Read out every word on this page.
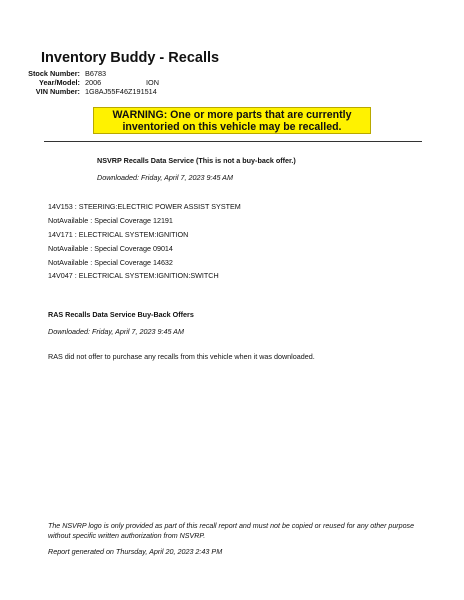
Inventory Buddy - Recalls
Stock Number: B6783
Year/Model: 2006	ION
VIN Number: 1G8AJ55F46Z191514
WARNING: One or more parts that are currently
inventoried on this vehicle may be recalled.
NSVRP Recalls Data Service (This is not a buy-back offer.)
Downloaded: Friday, April 7, 2023 9:45 AM
14V153 : STEERING:ELECTRIC POWER ASSIST SYSTEM
NotAvailable : Special Coverage 12191
14V171 : ELECTRICAL SYSTEM:IGNITION
NotAvailable : Special Coverage 09014
NotAvailable : Special Coverage 14632
14V047 : ELECTRICAL SYSTEM:IGNITION:SWITCH
RAS Recalls Data Service Buy-Back Offers
Downloaded: Friday, April 7, 2023 9:45 AM
RAS did not offer to purchase any recalls from this vehicle when it was downloaded.
The NSVRP logo is only provided as part of this recall report and must not be copied or reused for any other purpose without specific written authorization from NSVRP.
Report generated on Thursday, April 20, 2023 2:43 PM
